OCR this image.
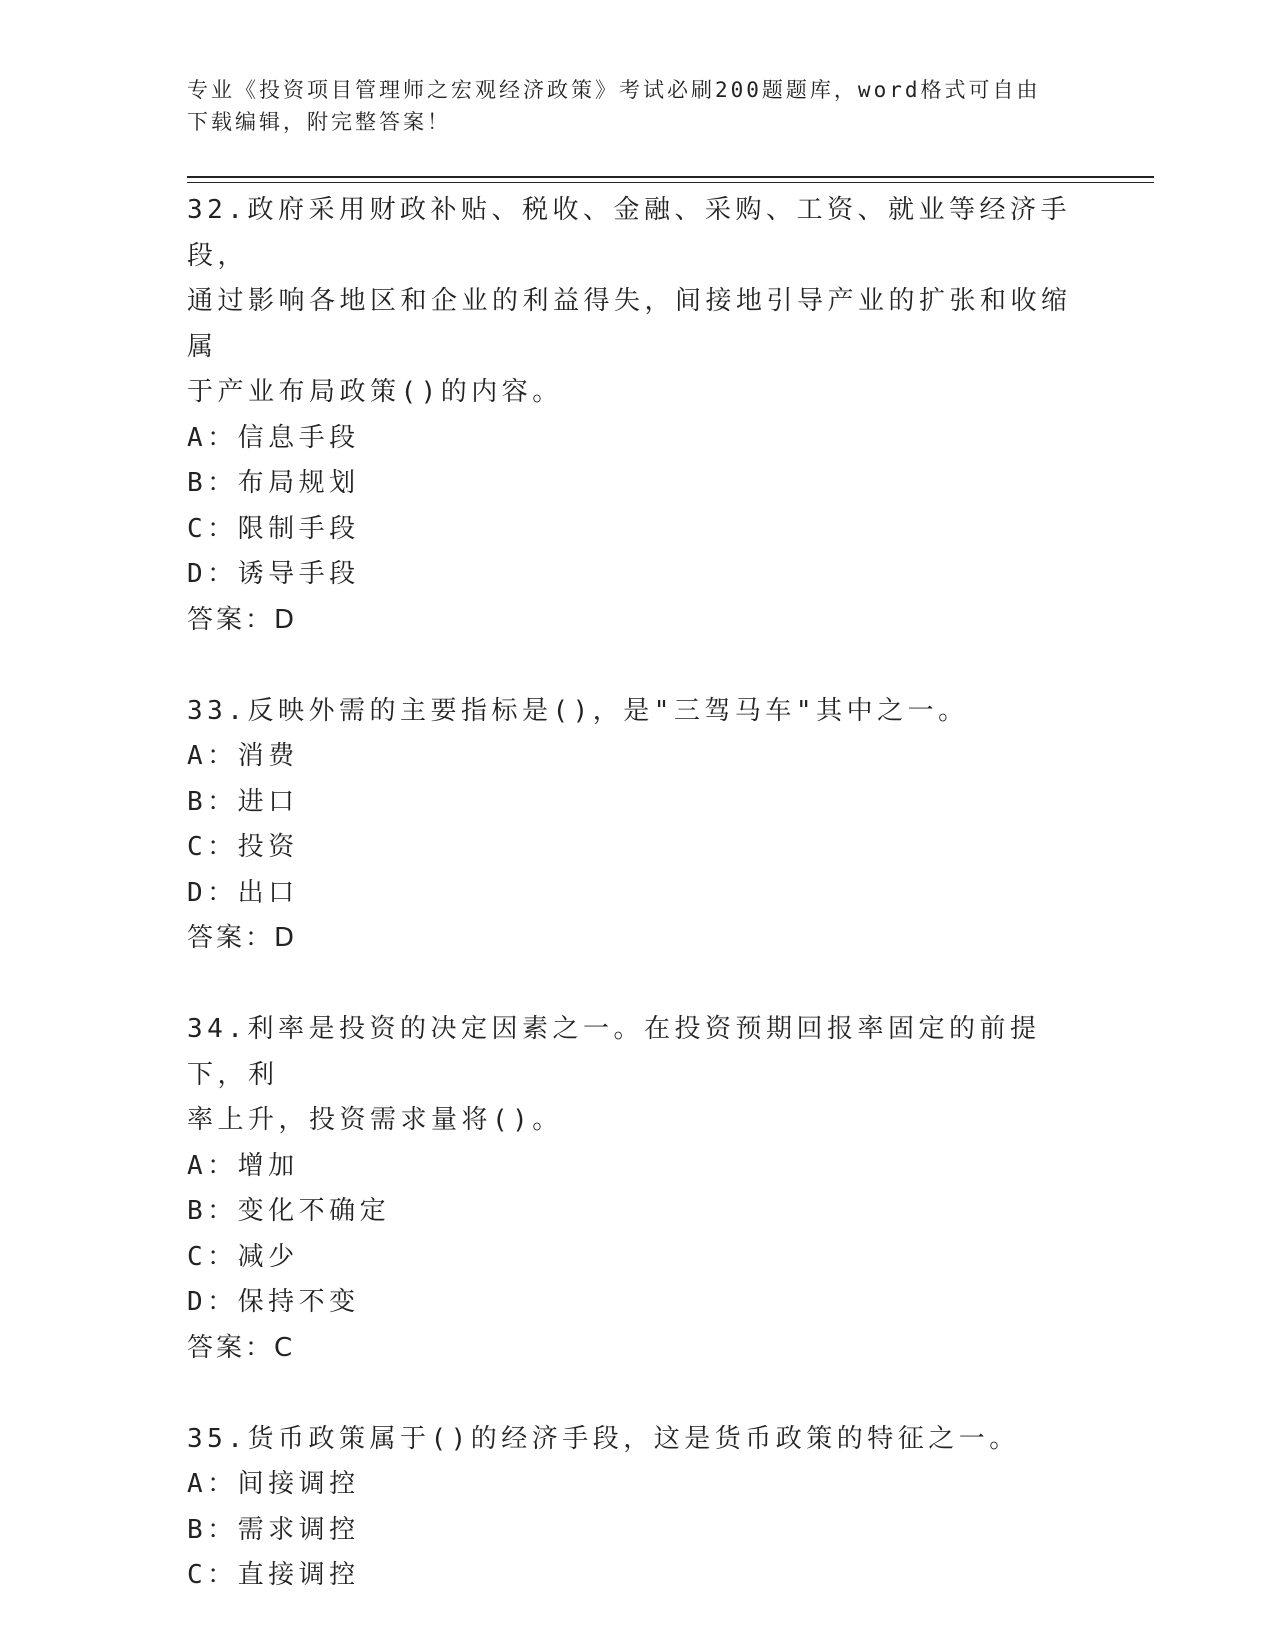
专业《投资项目管理师之宏观经济政策》考试必刷200题题库，word格式可自由
下载编辑，附完整答案！

32.政府采用财政补贴、税收、金融、采购、工资、就业等经济手段，

通过影响各地区和企业的利益得失，间接地引导产业的扩张和收缩属

于产业布局政策()的内容。

A：信息手段

B：布局规划

C：限制手段

D：诱导手段

答案：D

33.反映外需的主要指标是()，是"三驾马车"其中之一。

A：消费

B：进口

C：投资

D：出口

答案：D

34.利率是投资的决定因素之一。在投资预期回报率固定的前提下，利

率上升，投资需求量将()。

A：增加

B：变化不确定

C：减少

D：保持不变

答案：C

35.货币政策属于()的经济手段，这是货币政策的特征之一。

A：间接调控

B：需求调控

C：直接调控
